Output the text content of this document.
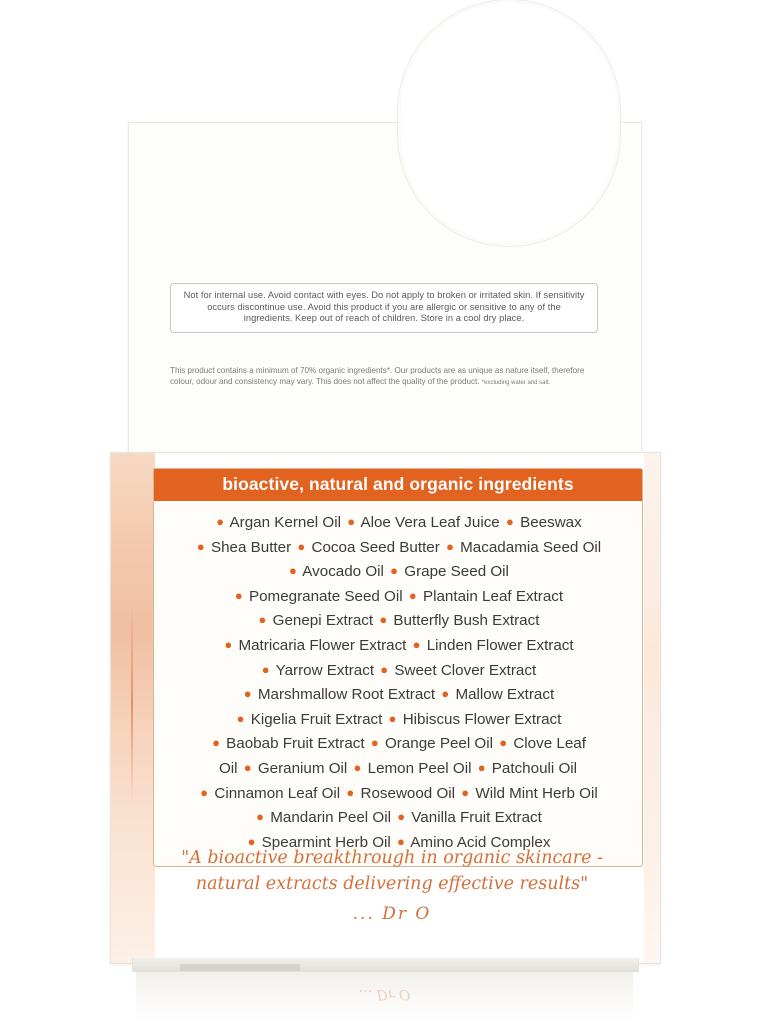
Not for internal use. Avoid contact with eyes. Do not apply to broken or irritated skin. If sensitivity occurs discontinue use. Avoid this product if you are allergic or sensitive to any of the ingredients. Keep out of reach of children. Store in a cool dry place.
This product contains a minimum of 70% organic ingredients*. Our products are as unique as nature itself, therefore colour, odour and consistency may vary. This does not affect the quality of the product. *excluding water and salt.
bioactive, natural and organic ingredients
● Argan Kernel Oil ● Aloe Vera Leaf Juice ● Beeswax
● Shea Butter ● Cocoa Seed Butter ● Macadamia Seed Oil
● Avocado Oil ● Grape Seed Oil
● Pomegranate Seed Oil ● Plantain Leaf Extract
● Genepi Extract ● Butterfly Bush Extract
● Matricaria Flower Extract ● Linden Flower Extract
● Yarrow Extract ● Sweet Clover Extract
● Marshmallow Root Extract ● Mallow Extract
● Kigelia Fruit Extract ● Hibiscus Flower Extract
● Baobab Fruit Extract ● Orange Peel Oil ● Clove Leaf
Oil ● Geranium Oil ● Lemon Peel Oil ● Patchouli Oil
● Cinnamon Leaf Oil ● Rosewood Oil ● Wild Mint Herb Oil
● Mandarin Peel Oil ● Vanilla Fruit Extract
● Spearmint Herb Oil ● Amino Acid Complex
"A bioactive breakthrough in organic skincare -
natural extracts delivering effective results"
... Dr O
... Dr O
